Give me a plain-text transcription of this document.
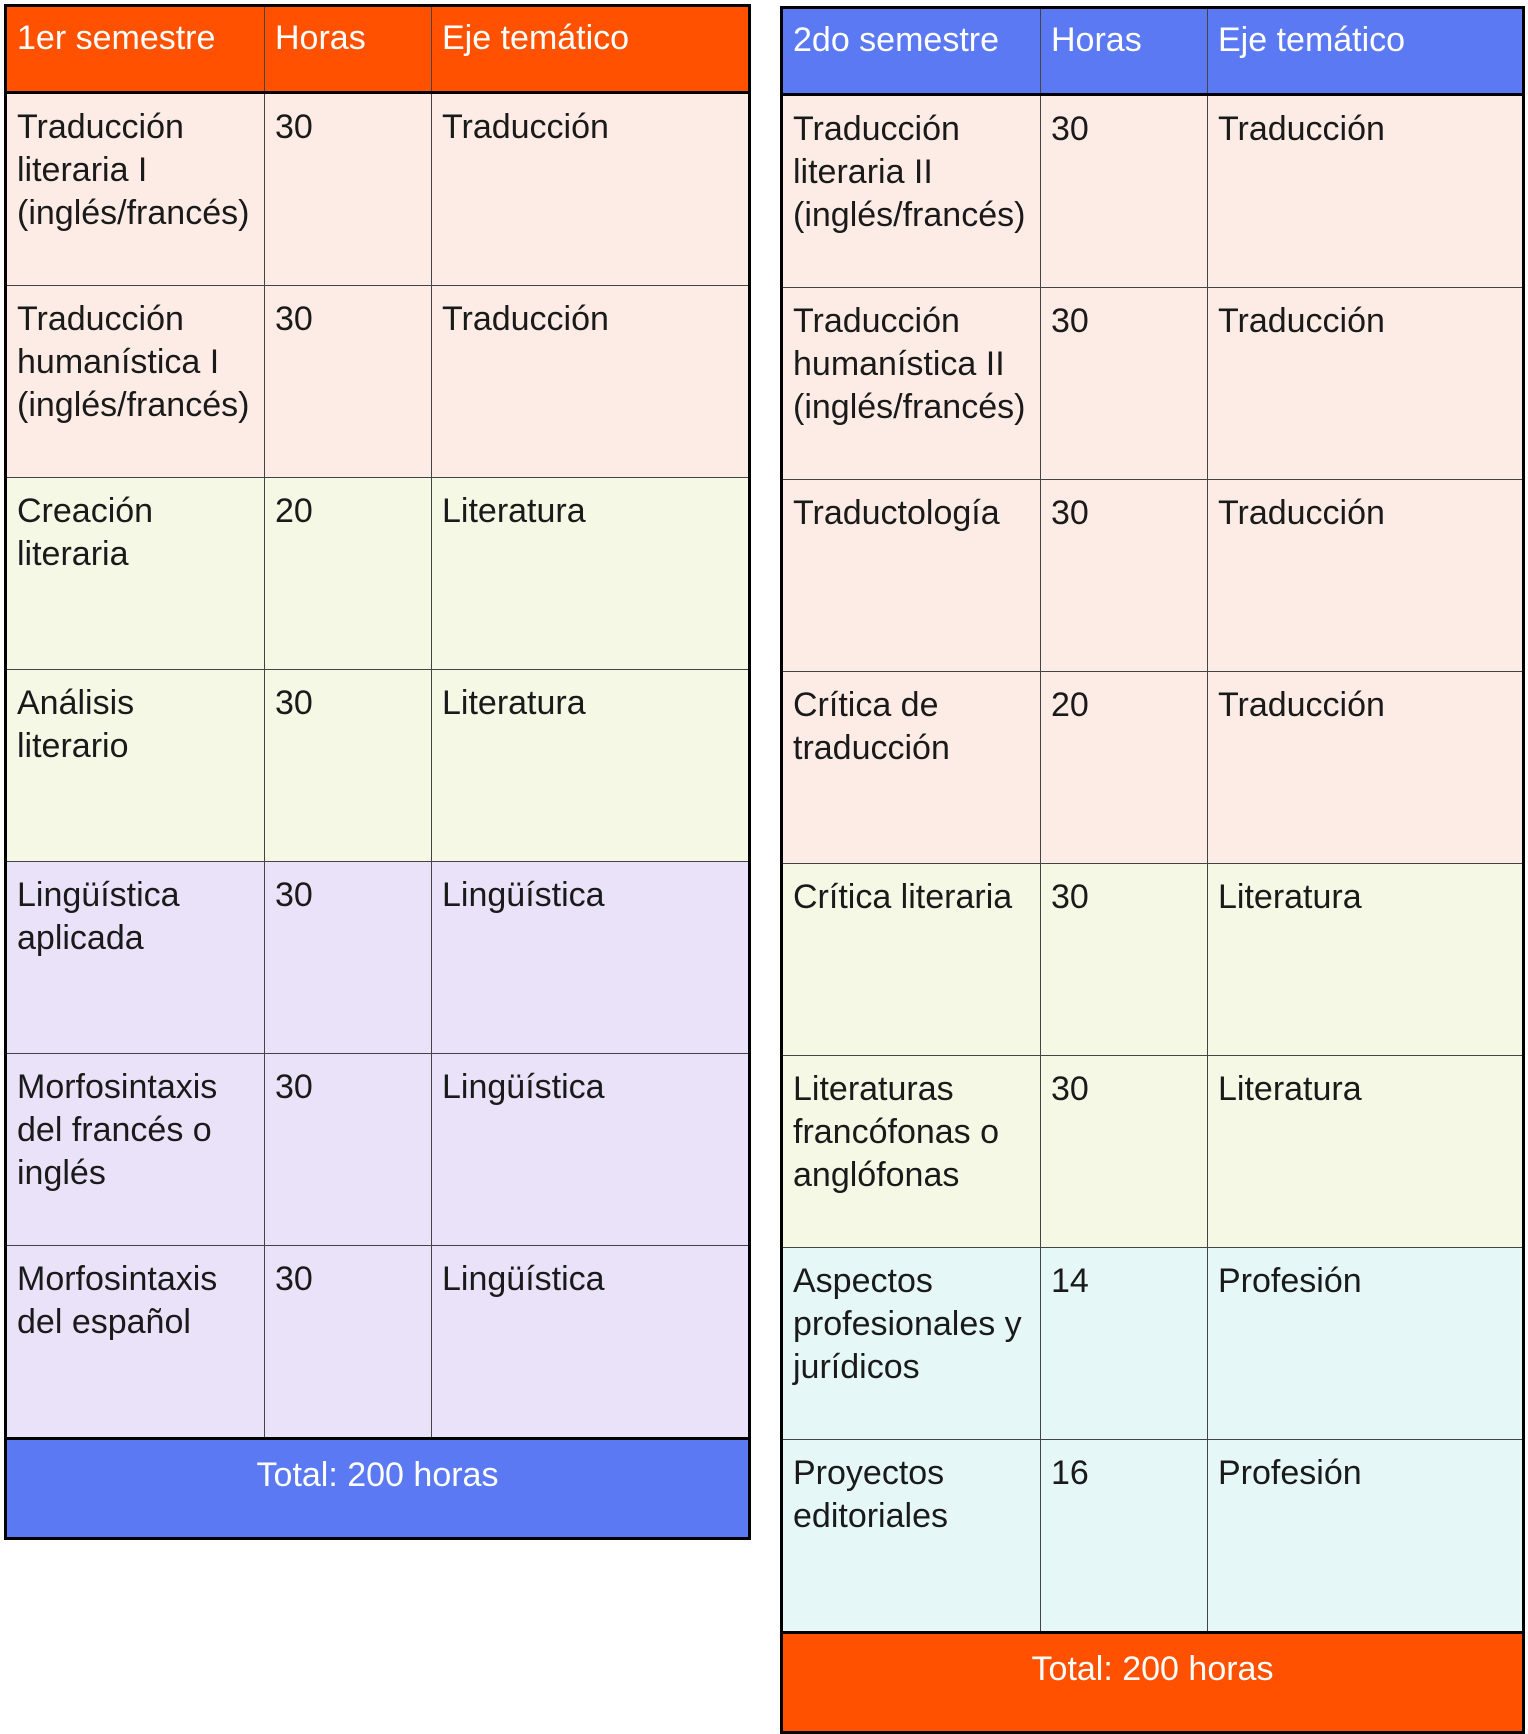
1er semestre	Horas	Eje temático
Traducción literaria I (inglés/francés)	30	Traducción
Traducción humanística I (inglés/francés)	30	Traducción
Creación literaria	20	Literatura
Análisis literario	30	Literatura
Lingüística aplicada	30	Lingüística
Morfosintaxis del francés o inglés	30	Lingüística
Morfosintaxis del español	30	Lingüística
Total: 200 horas		
2do semestre	Horas	Eje temático
Traducción literaria II (inglés/francés)	30	Traducción
Traducción humanística II (inglés/francés)	30	Traducción
Traductología	30	Traducción
Crítica de traducción	20	Traducción
Crítica literaria	30	Literatura
Literaturas francófonas o anglófonas	30	Literatura
Aspectos profesionales y jurídicos	14	Profesión
Proyectos editoriales	16	Profesión
Total: 200 horas		
